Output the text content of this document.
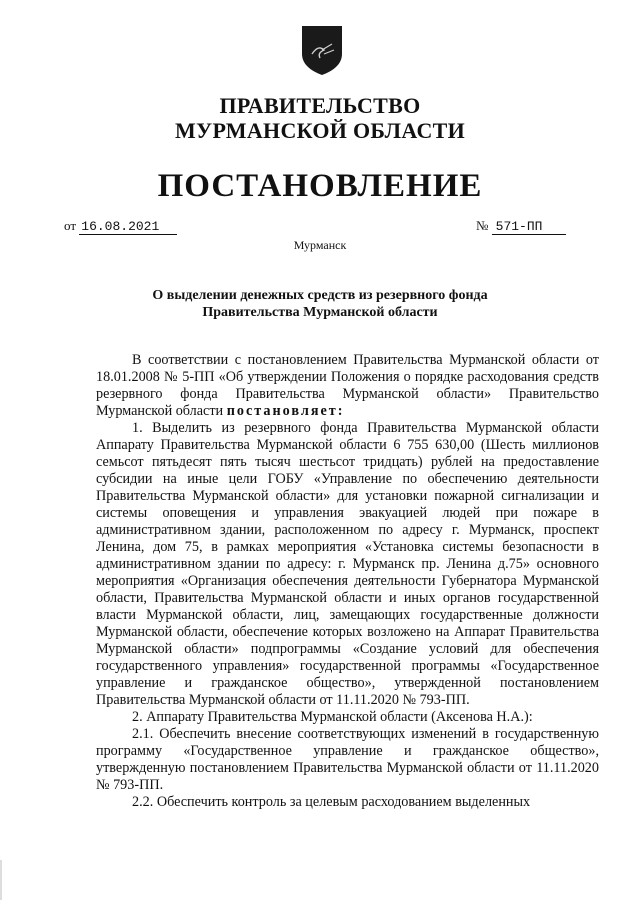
ПРАВИТЕЛЬСТВО
МУРМАНСКОЙ ОБЛАСТИ
ПОСТАНОВЛЕНИЕ
от 16.08.2021	№ 571-ПП
Мурманск
О выделении денежных средств из резервного фонда
Правительства Мурманской области

В соответствии с постановлением Правительства Мурманской области от 18.01.2008 № 5-ПП «Об утверждении Положения о порядке расходования средств резервного фонда Правительства Мурманской области» Правительство Мурманской области постановляет:

1. Выделить из резервного фонда Правительства Мурманской области Аппарату Правительства Мурманской области 6 755 630,00 (Шесть миллионов семьсот пятьдесят пять тысяч шестьсот тридцать) рублей на предоставление субсидии на иные цели ГОБУ «Управление по обеспечению деятельности Правительства Мурманской области» для установки пожарной сигнализации и системы оповещения и управления эвакуацией людей при пожаре в административном здании, расположенном по адресу г. Мурманск, проспект Ленина, дом 75, в рамках мероприятия «Установка системы безопасности в административном здании по адресу: г. Мурманск пр. Ленина д.75» основного мероприятия «Организация обеспечения деятельности Губернатора Мурманской области, Правительства Мурманской области и иных органов государственной власти Мурманской области, лиц, замещающих государственные должности Мурманской области, обеспечение которых возложено на Аппарат Правительства Мурманской области» подпрограммы «Создание условий для обеспечения государственного управления» государственной программы «Государственное управление и гражданское общество», утвержденной постановлением Правительства Мурманской области от 11.11.2020 № 793-ПП.

2. Аппарату Правительства Мурманской области (Аксенова Н.А.):

2.1. Обеспечить внесение соответствующих изменений в государственную программу «Государственное управление и гражданское общество», утвержденную постановлением Правительства Мурманской области от 11.11.2020 № 793-ПП.

2.2. Обеспечить контроль за целевым расходованием выделенных
